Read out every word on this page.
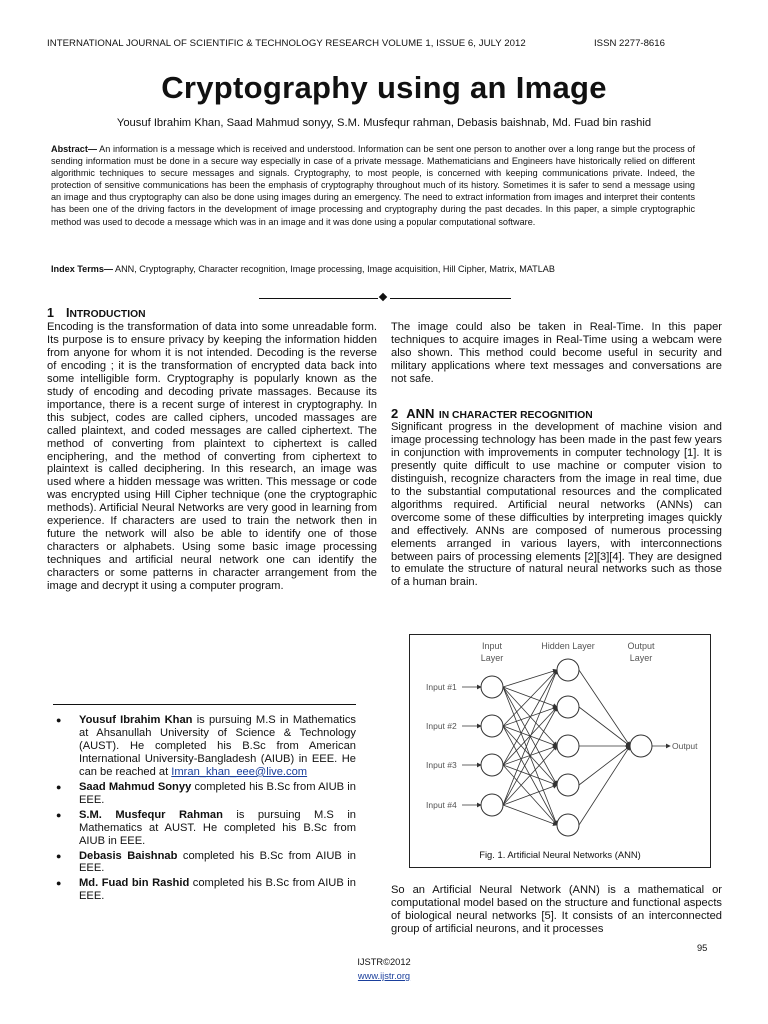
INTERNATIONAL JOURNAL OF SCIENTIFIC & TECHNOLOGY RESEARCH VOLUME 1, ISSUE 6, JULY 2012	ISSN 2277-8616
Cryptography using an Image
Yousuf Ibrahim Khan, Saad Mahmud sonyy, S.M. Musfequr rahman, Debasis baishnab, Md. Fuad bin rashid
Abstract— An information is a message which is received and understood. Information can be sent one person to another over a long range but the process of sending information must be done in a secure way especially in case of a private message. Mathematicians and Engineers have historically relied on different algorithmic techniques to secure messages and signals. Cryptography, to most people, is concerned with keeping communications private. Indeed, the protection of sensitive communications has been the emphasis of cryptography throughout much of its history. Sometimes it is safer to send a message using an image and thus cryptography can also be done using images during an emergency. The need to extract information from images and interpret their contents has been one of the driving factors in the development of image processing and cryptography during the past decades. In this paper, a simple cryptographic method was used to decode a message which was in an image and it was done using a popular computational software.
Index Terms— ANN, Cryptography, Character recognition, Image processing, Image acquisition, Hill Cipher, Matrix, MATLAB
1 INTRODUCTION
Encoding is the transformation of data into some unreadable form. Its purpose is to ensure privacy by keeping the information hidden from anyone for whom it is not intended. Decoding is the reverse of encoding ; it is the transformation of encrypted data back into some intelligible form. Cryptography is popularly known as the study of encoding and decoding private massages. Because its importance, there is a recent surge of interest in cryptography. In this subject, codes are called ciphers, uncoded massages are called plaintext, and coded messages are called ciphertext. The method of converting from plaintext to ciphertext is called enciphering, and the method of converting from ciphertext to plaintext is called deciphering. In this research, an image was used where a hidden message was written. This message or code was encrypted using Hill Cipher technique (one the cryptographic methods). Artificial Neural Networks are very good in learning from experience. If characters are used to train the network then in future the network will also be able to identify one of those characters or alphabets. Using some basic image processing techniques and artificial neural network one can identify the characters or some patterns in character arrangement from the image and decrypt it using a computer program.
The image could also be taken in Real-Time. In this paper techniques to acquire images in Real-Time using a webcam were also shown. This method could become useful in security and military applications where text messages and conversations are not safe.
2 ANN IN CHARACTER RECOGNITION
Significant progress in the development of machine vision and image processing technology has been made in the past few years in conjunction with improvements in computer technology [1]. It is presently quite difficult to use machine or computer vision to distinguish, recognize characters from the image in real time, due to the substantial computational resources and the complicated algorithms required. Artificial neural networks (ANNs) can overcome some of these difficulties by interpreting images quickly and effectively. ANNs are composed of numerous processing elements arranged in various layers, with interconnections between pairs of processing elements [2][3][4]. They are designed to emulate the structure of natural neural networks such as those of a human brain.
Input
Layer
Hidden Layer	Output
Layer
Input #1
Input #2
Input #3
Input #4
Output
Fig. 1. Artificial Neural Networks (ANN)
So an Artificial Neural Network (ANN) is a mathematical or computational model based on the structure and functional aspects of biological neural networks [5]. It consists of an interconnected group of artificial neurons, and it processes
● Yousuf Ibrahim Khan is pursuing M.S in Mathematics at Ahsanullah University of Science & Technology (AUST). He completed his B.Sc from American International University-Bangladesh (AIUB) in EEE. He can be reached at Imran_khan_eee@live.com
● Saad Mahmud Sonyy completed his B.Sc from AIUB in EEE.
● S.M. Musfequr Rahman is pursuing M.S in Mathematics at AUST. He completed his B.Sc from AIUB in EEE.
● Debasis Baishnab completed his B.Sc from AIUB in EEE.
● Md. Fuad bin Rashid completed his B.Sc from AIUB in EEE.
95
IJSTR©2012
www.ijstr.org
